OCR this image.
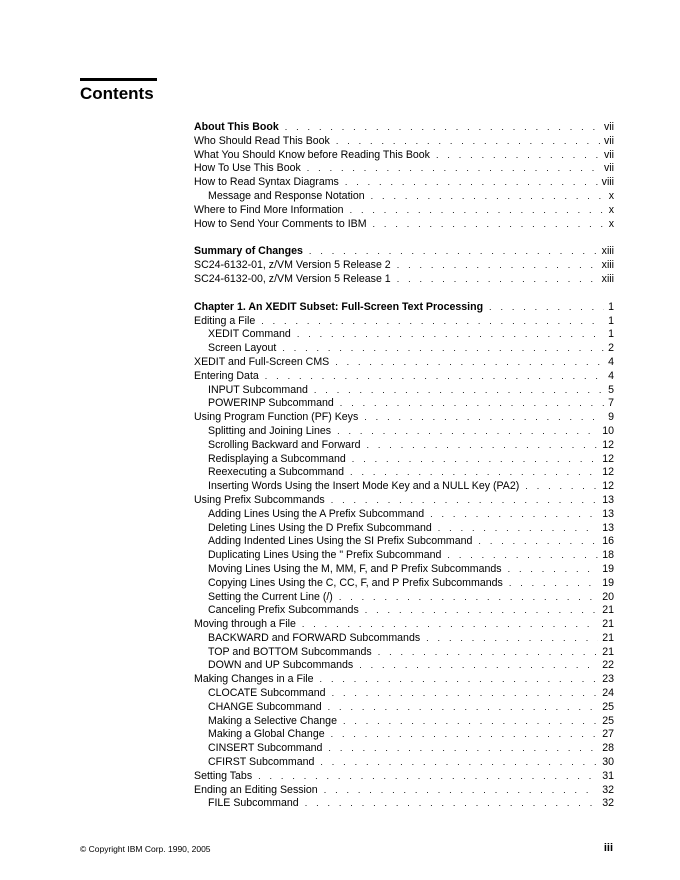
Contents
About This Book . . .	vii
Who Should Read This Book . . .	vii
What You Should Know before Reading This Book . . .	vii
How To Use This Book . . .	vii
How to Read Syntax Diagrams . . .	viii
Message and Response Notation . . .	x
Where to Find More Information . . .	x
How to Send Your Comments to IBM . . .	x
Summary of Changes . . .	xiii
SC24-6132-01, z/VM Version 5 Release 2 . . .	xiii
SC24-6132-00, z/VM Version 5 Release 1 . . .	xiii
Chapter 1. An XEDIT Subset: Full-Screen Text Processing . . .	1
Editing a File . . .	1
XEDIT Command . . .	1
Screen Layout . . .	2
XEDIT and Full-Screen CMS . . .	4
Entering Data . . .	4
INPUT Subcommand . . .	5
POWERINP Subcommand . . .	7
Using Program Function (PF) Keys . . .	9
Splitting and Joining Lines . . .	10
Scrolling Backward and Forward . . .	12
Redisplaying a Subcommand . . .	12
Reexecuting a Subcommand . . .	12
Inserting Words Using the Insert Mode Key and a NULL Key (PA2) . . .	12
Using Prefix Subcommands . . .	13
Adding Lines Using the A Prefix Subcommand . . .	13
Deleting Lines Using the D Prefix Subcommand . . .	13
Adding Indented Lines Using the SI Prefix Subcommand . . .	16
Duplicating Lines Using the " Prefix Subcommand . . .	18
Moving Lines Using the M, MM, F, and P Prefix Subcommands . . .	19
Copying Lines Using the C, CC, F, and P Prefix Subcommands . . .	19
Setting the Current Line (/) . . .	20
Canceling Prefix Subcommands . . .	21
Moving through a File . . .	21
BACKWARD and FORWARD Subcommands . . .	21
TOP and BOTTOM Subcommands . . .	21
DOWN and UP Subcommands . . .	22
Making Changes in a File . . .	23
CLOCATE Subcommand . . .	24
CHANGE Subcommand . . .	25
Making a Selective Change . . .	25
Making a Global Change . . .	27
CINSERT Subcommand . . .	28
CFIRST Subcommand . . .	30
Setting Tabs . . .	31
Ending an Editing Session . . .	32
FILE Subcommand . . .	32
© Copyright IBM Corp. 1990, 2005	iii
